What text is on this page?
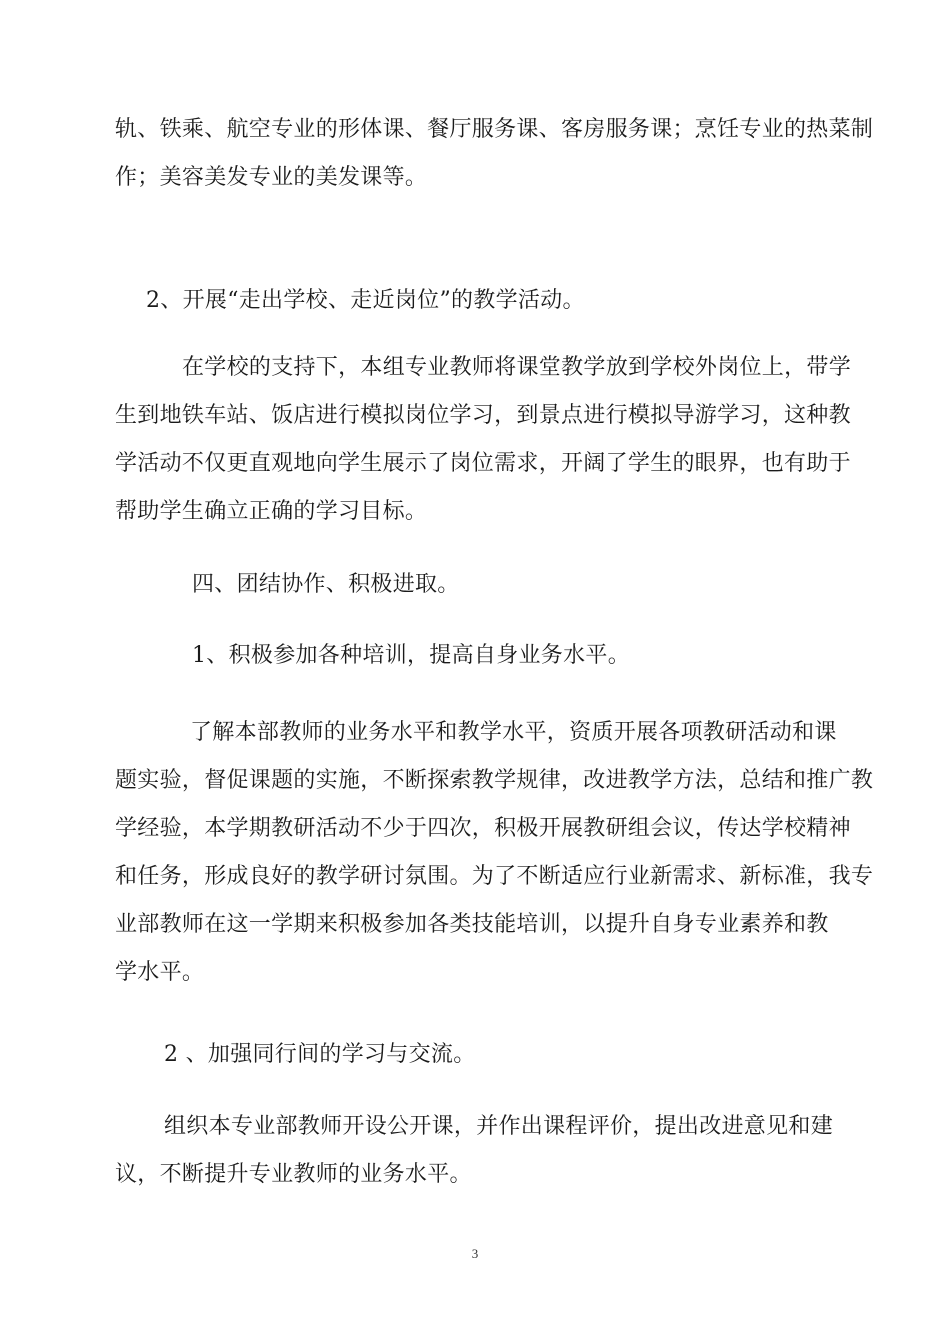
轨、铁乘、航空专业的形体课、餐厅服务课、客房服务课；烹饪专业的热菜制
作；美容美发专业的美发课等。
2、开展“走出学校、走近岗位”的教学活动。
在学校的支持下，本组专业教师将课堂教学放到学校外岗位上，带学
生到地铁车站、饭店进行模拟岗位学习，到景点进行模拟导游学习，这种教
学活动不仅更直观地向学生展示了岗位需求，开阔了学生的眼界，也有助于
帮助学生确立正确的学习目标。
四、团结协作、积极进取。
1、积极参加各种培训，提高自身业务水平。
了解本部教师的业务水平和教学水平，资质开展各项教研活动和课
题实验，督促课题的实施，不断探索教学规律，改进教学方法，总结和推广教
学经验，本学期教研活动不少于四次，积极开展教研组会议，传达学校精神
和任务，形成良好的教学研讨氛围。为了不断适应行业新需求、新标准，我专
业部教师在这一学期来积极参加各类技能培训，以提升自身专业素养和教
学水平。
2 、加强同行间的学习与交流。
组织本专业部教师开设公开课，并作出课程评价，提出改进意见和建
议，不断提升专业教师的业务水平。
3
